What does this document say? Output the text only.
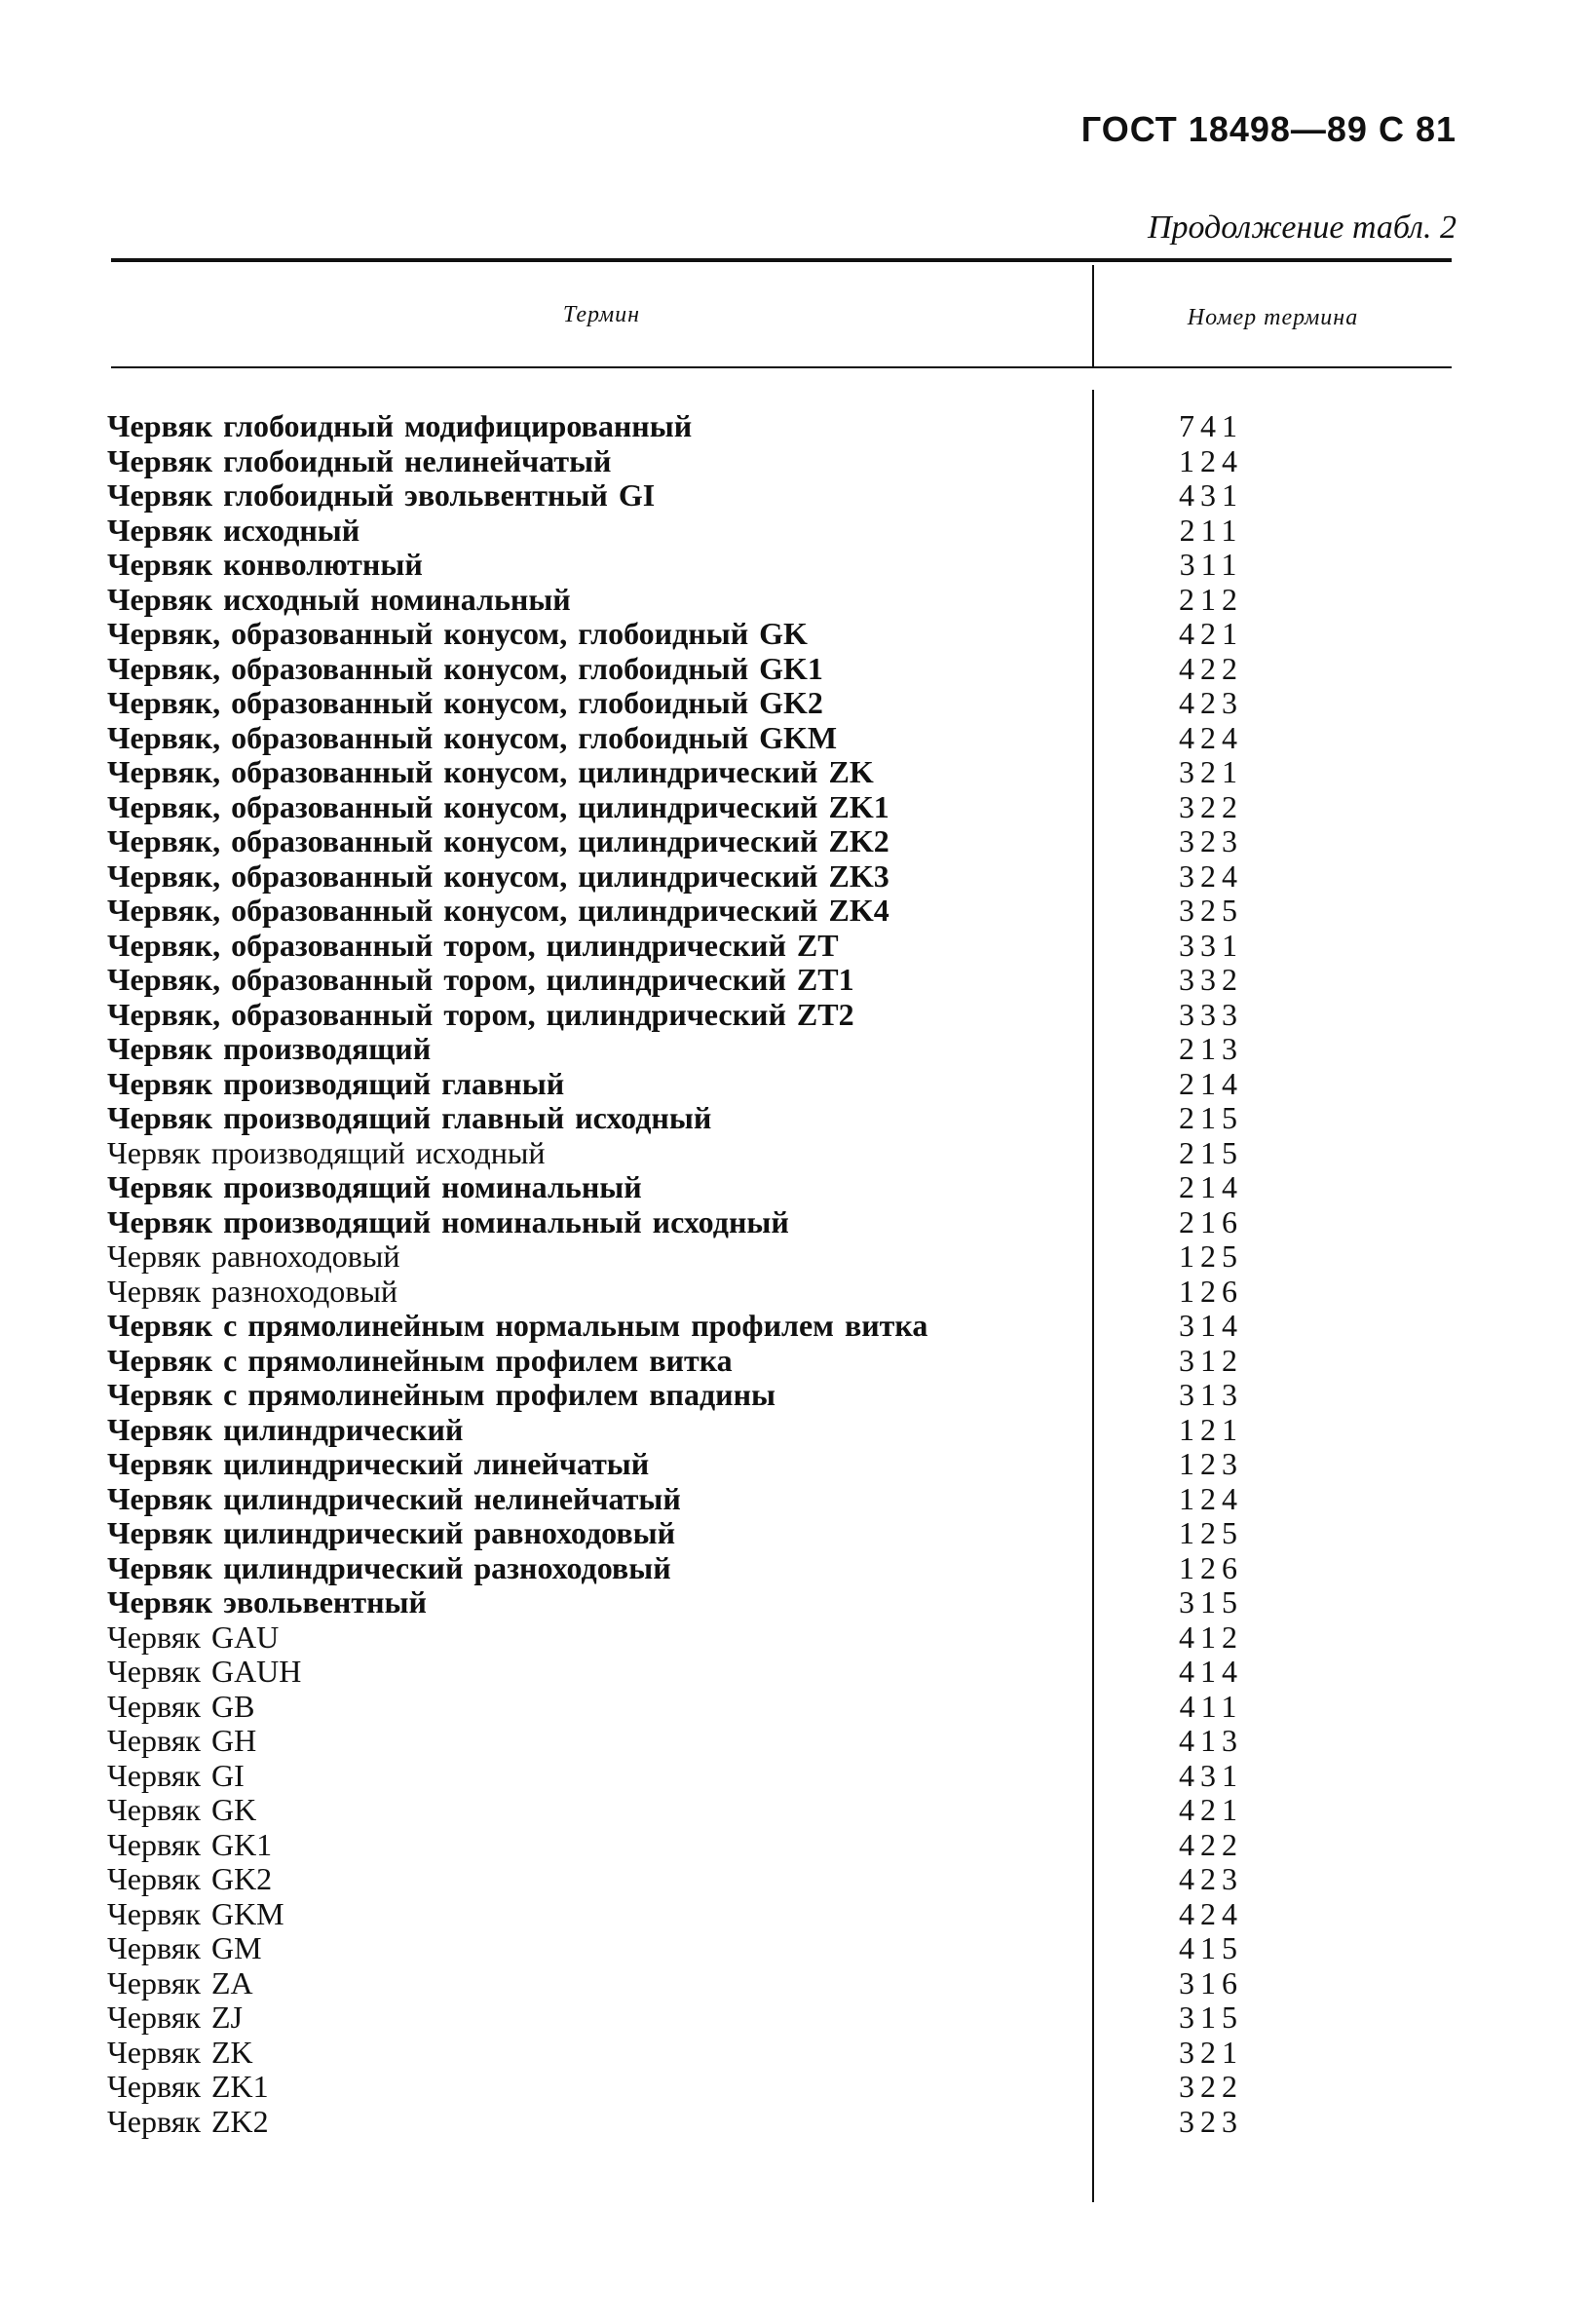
ГОСТ 18498—89 С 81
Продолжение табл. 2
Термин	Номер термина
Червяк глобоидный модифицированный	741
Червяк глобоидный нелинейчатый	124
Червяк глобоидный эвольвентный GI	431
Червяк исходный	211
Червяк конволютный	311
Червяк исходный номинальный	212
Червяк, образованный конусом, глобоидный GK	421
Червяк, образованный конусом, глобоидный GK1	422
Червяк, образованный конусом, глобоидный GK2	423
Червяк, образованный конусом, глобоидный GKM	424
Червяк, образованный конусом, цилиндрический ZK	321
Червяк, образованный конусом, цилиндрический ZK1	322
Червяк, образованный конусом, цилиндрический ZK2	323
Червяк, образованный конусом, цилиндрический ZK3	324
Червяк, образованный конусом, цилиндрический ZK4	325
Червяк, образованный тором, цилиндрический ZT	331
Червяк, образованный тором, цилиндрический ZT1	332
Червяк, образованный тором, цилиндрический ZT2	333
Червяк производящий	213
Червяк производящий главный	214
Червяк производящий главный исходный	215
Червяк производящий исходный	215
Червяк производящий номинальный	214
Червяк производящий номинальный исходный	216
Червяк равноходовый	125
Червяк разноходовый	126
Червяк с прямолинейным нормальным профилем витка	314
Червяк с прямолинейным профилем витка	312
Червяк с прямолинейным профилем впадины	313
Червяк цилиндрический	121
Червяк цилиндрический линейчатый	123
Червяк цилиндрический нелинейчатый	124
Червяк цилиндрический равноходовый	125
Червяк цилиндрический разноходовый	126
Червяк эвольвентный	315
Червяк GAU	412
Червяк GAUH	414
Червяк GB	411
Червяк GH	413
Червяк GI	431
Червяк GK	421
Червяк GK1	422
Червяк GK2	423
Червяк GKM	424
Червяк GM	415
Червяк ZA	316
Червяк ZJ	315
Червяк ZK	321
Червяк ZK1	322
Червяк ZK2	323
